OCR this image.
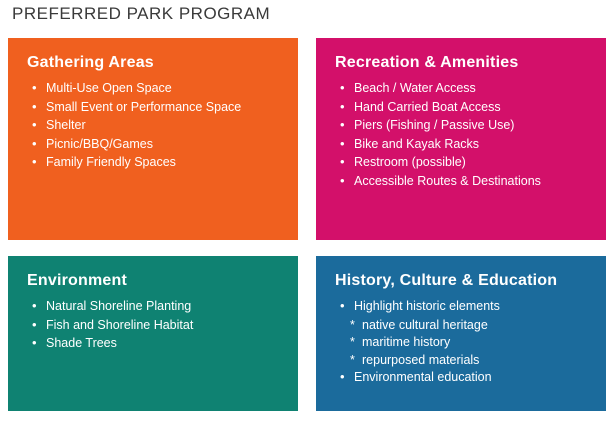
PREFERRED PARK PROGRAM
Gathering Areas
• Multi-Use Open Space
• Small Event or Performance Space
• Shelter
• Picnic/BBQ/Games
• Family Friendly Spaces
Recreation & Amenities
• Beach / Water Access
• Hand Carried Boat Access
• Piers (Fishing / Passive Use)
• Bike and Kayak Racks
• Restroom (possible)
• Accessible Routes & Destinations
Environment
• Natural Shoreline Planting
• Fish and Shoreline Habitat
• Shade Trees
History, Culture & Education
• Highlight historic elements
* native cultural heritage
* maritime history
* repurposed materials
• Environmental education
